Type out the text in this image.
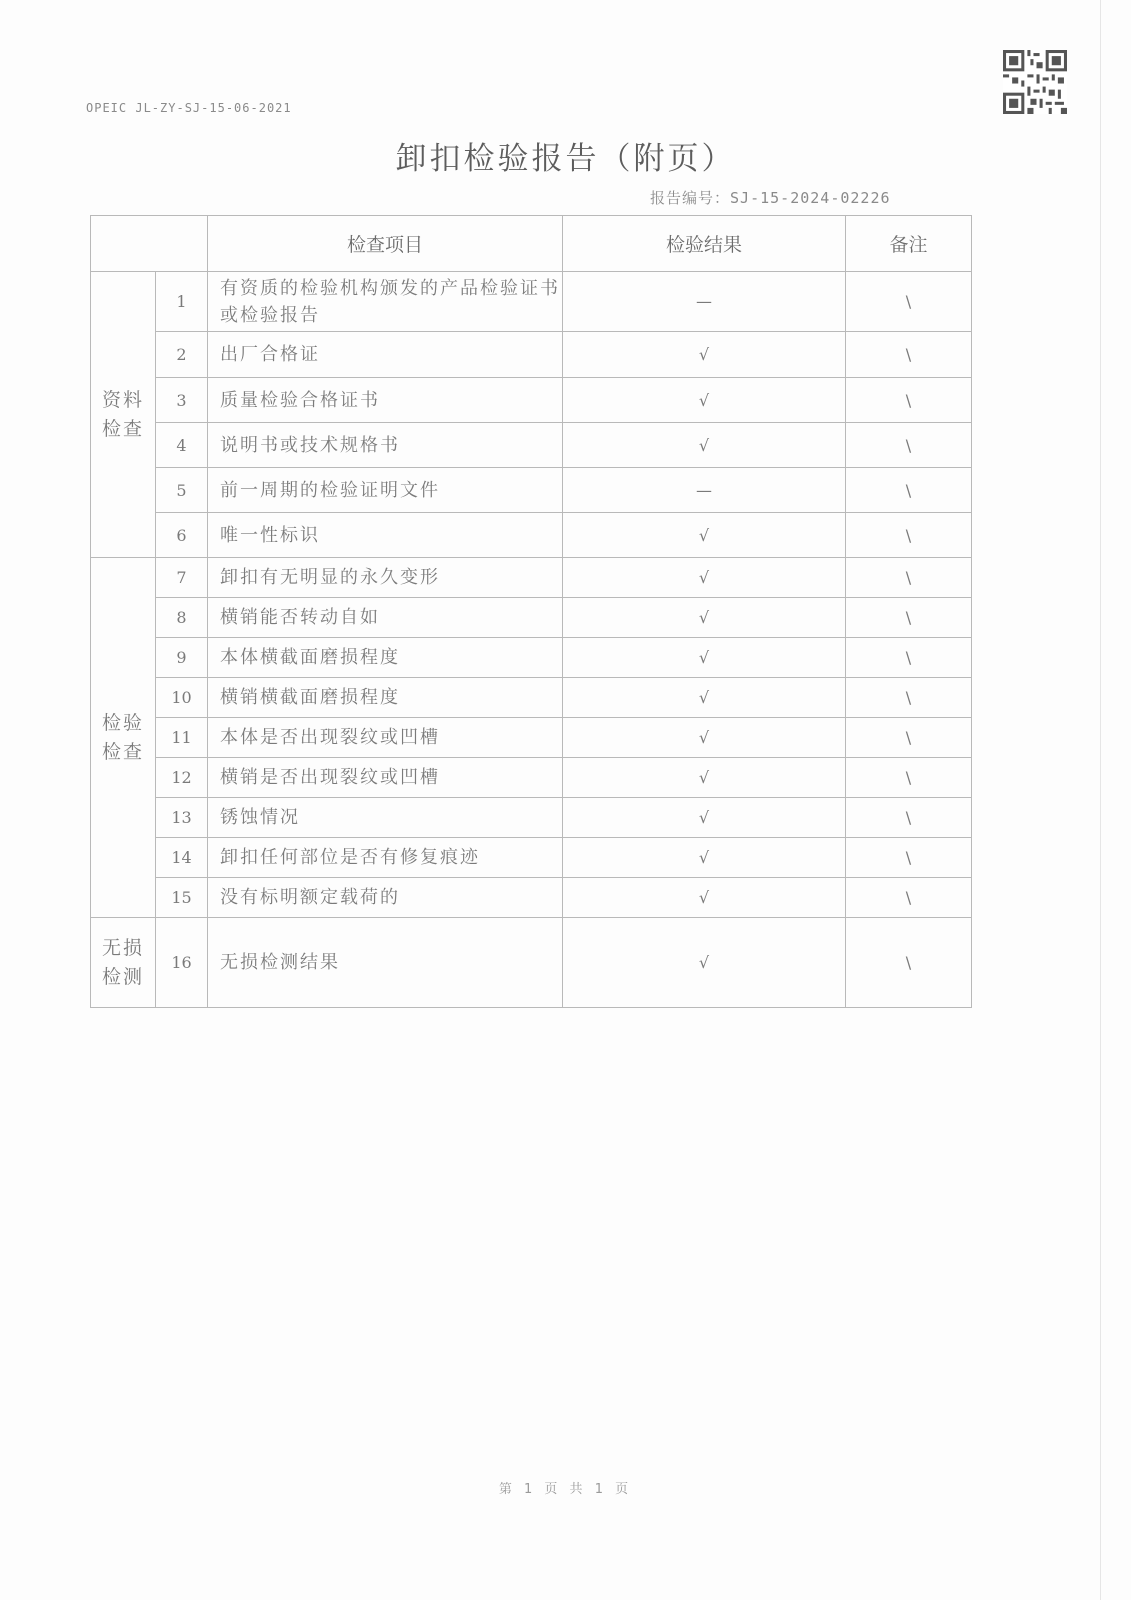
OPEIC JL-ZY-SJ-15-06-2021
卸扣检验报告（附页）
报告编号：SJ-15-2024-02226
		检查项目	检验结果	备注
资料
检查	1	有资质的检验机构颁发的产品检验证书或检验报告	—	\
	2	出厂合格证	√	\
	3	质量检验合格证书	√	\
	4	说明书或技术规格书	√	\
	5	前一周期的检验证明文件	—	\
	6	唯一性标识	√	\
检验
检查	7	卸扣有无明显的永久变形	√	\
	8	横销能否转动自如	√	\
	9	本体横截面磨损程度	√	\
	10	横销横截面磨损程度	√	\
	11	本体是否出现裂纹或凹槽	√	\
	12	横销是否出现裂纹或凹槽	√	\
	13	锈蚀情况	√	\
	14	卸扣任何部位是否有修复痕迹	√	\
	15	没有标明额定载荷的	√	\
无损
检测	16	无损检测结果	√	\
第 1 页 共 1 页
